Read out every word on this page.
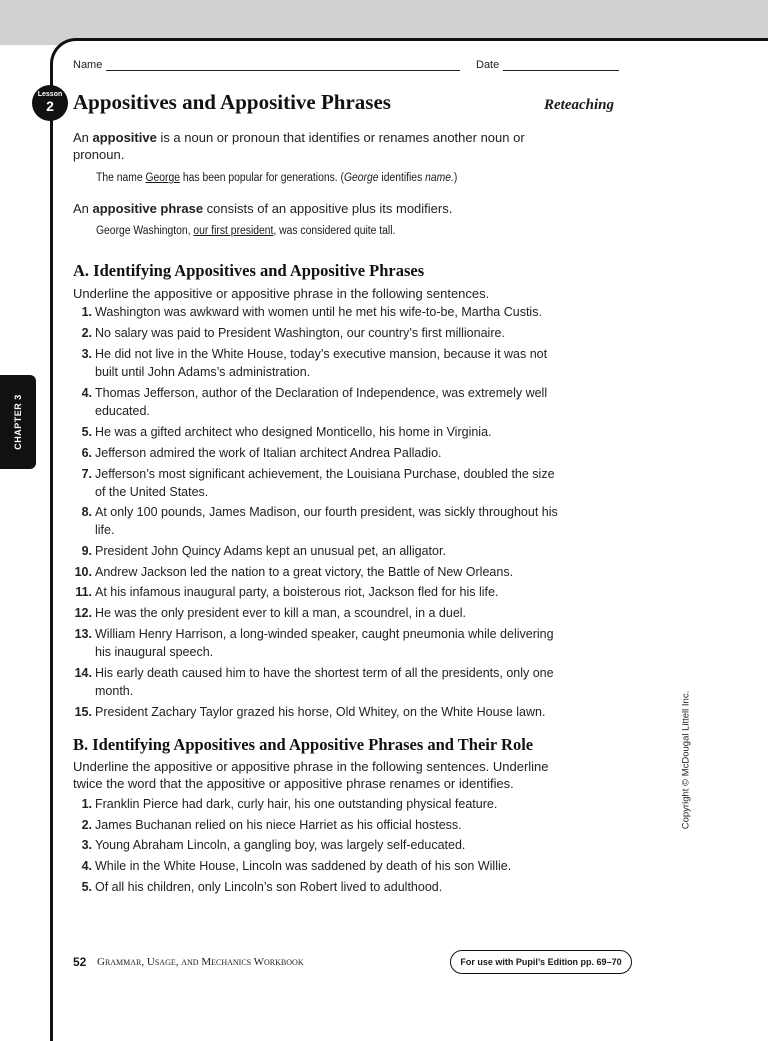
Name	Date
Lesson
2 Appositives and Appositive Phrases	Reteaching

An appositive is a noun or pronoun that identifies or renames another noun or pronoun.

The name George has been popular for generations. (George identifies name.)

An appositive phrase consists of an appositive plus its modifiers.

George Washington, our first president, was considered quite tall.

A. Identifying Appositives and Appositive Phrases

Underline the appositive or appositive phrase in the following sentences.

1. Washington was awkward with women until he met his wife-to-be, Martha Custis.
2. No salary was paid to President Washington, our country’s first millionaire.
3. He did not live in the White House, today’s executive mansion, because it was not built until John Adams’s administration.
4. Thomas Jefferson, author of the Declaration of Independence, was extremely well educated.
5. He was a gifted architect who designed Monticello, his home in Virginia.
6. Jefferson admired the work of Italian architect Andrea Palladio.
7. Jefferson’s most significant achievement, the Louisiana Purchase, doubled the size of the United States.
8. At only 100 pounds, James Madison, our fourth president, was sickly throughout his life.
9. President John Quincy Adams kept an unusual pet, an alligator.
10. Andrew Jackson led the nation to a great victory, the Battle of New Orleans.
11. At his infamous inaugural party, a boisterous riot, Jackson fled for his life.
12. He was the only president ever to kill a man, a scoundrel, in a duel.
13. William Henry Harrison, a long-winded speaker, caught pneumonia while delivering his inaugural speech.
14. His early death caused him to have the shortest term of all the presidents, only one month.
15. President Zachary Taylor grazed his horse, Old Whitey, on the White House lawn.
B. Identifying Appositives and Appositive Phrases and Their Role

Underline the appositive or appositive phrase in the following sentences. Underline twice the word that the appositive or appositive phrase renames or identifies.

1. Franklin Pierce had dark, curly hair, his one outstanding physical feature.
2. James Buchanan relied on his niece Harriet as his official hostess.
3. Young Abraham Lincoln, a gangling boy, was largely self-educated.
4. While in the White House, Lincoln was saddened by death of his son Willie.
5. Of all his children, only Lincoln’s son Robert lived to adulthood.
CHAPTER 3
Copyright © McDougal Littell Inc.
52 Grammar, Usage, and Mechanics Workbook	For use with Pupil’s Edition pp. 69–70
